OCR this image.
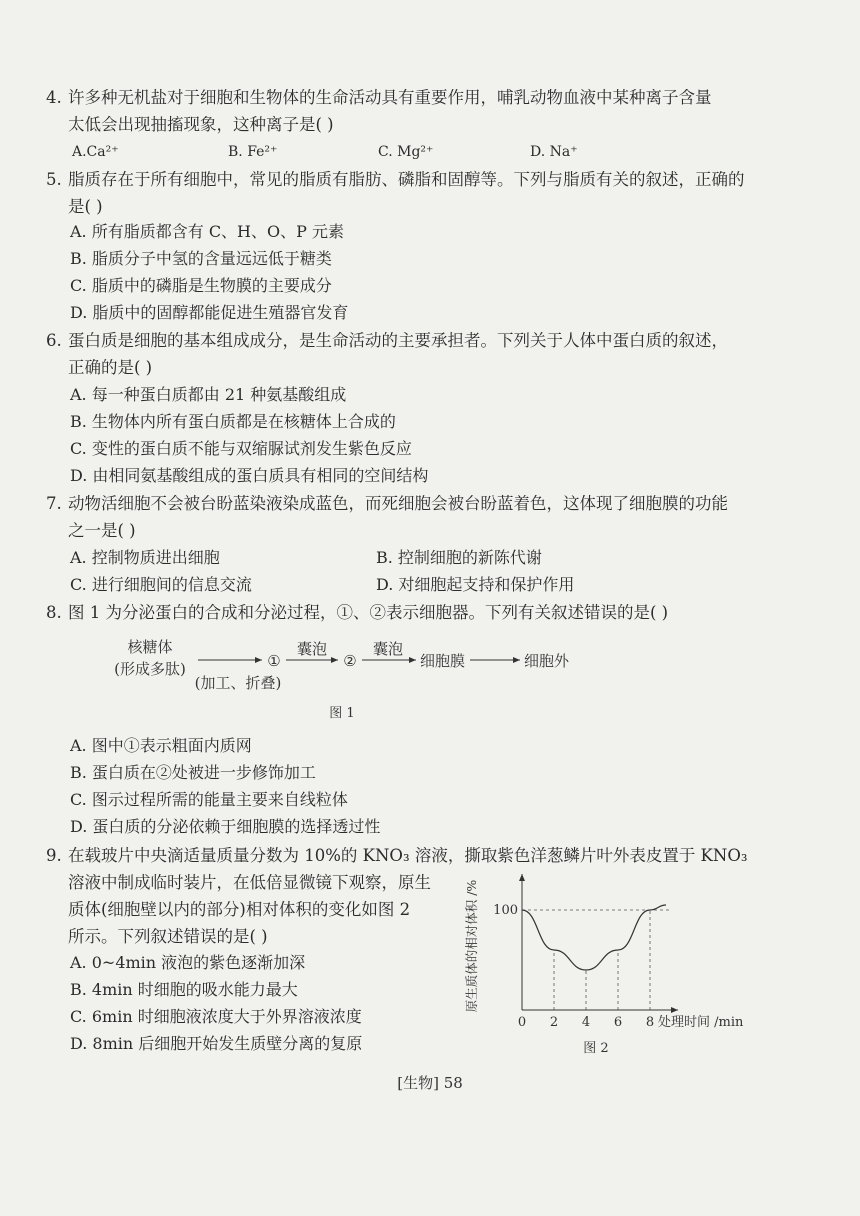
4. 许多种无机盐对于细胞和生物体的生命活动具有重要作用，哺乳动物血液中某种离子含量
太低会出现抽搐现象，这种离子是( )
A.Ca²⁺	B. Fe²⁺	C. Mg²⁺	D. Na⁺
5. 脂质存在于所有细胞中，常见的脂质有脂肪、磷脂和固醇等。下列与脂质有关的叙述，正确的
是( )
A. 所有脂质都含有 C、H、O、P 元素
B. 脂质分子中氢的含量远远低于糖类
C. 脂质中的磷脂是生物膜的主要成分
D. 脂质中的固醇都能促进生殖器官发育
6. 蛋白质是细胞的基本组成成分，是生命活动的主要承担者。下列关于人体中蛋白质的叙述，
正确的是( )
A. 每一种蛋白质都由 21 种氨基酸组成
B. 生物体内所有蛋白质都是在核糖体上合成的
C. 变性的蛋白质不能与双缩脲试剂发生紫色反应
D. 由相同氨基酸组成的蛋白质具有相同的空间结构
7. 动物活细胞不会被台盼蓝染液染成蓝色，而死细胞会被台盼蓝着色，这体现了细胞膜的功能
之一是( )
A. 控制物质进出细胞	B. 控制细胞的新陈代谢
C. 进行细胞间的信息交流	D. 对细胞起支持和保护作用
8. 图 1 为分泌蛋白的合成和分泌过程，①、②表示细胞器。下列有关叙述错误的是( )
核糖体
(形成多肽)	①
(加工、折叠)
囊泡
②
囊泡
细胞膜	细胞外
图 1
A. 图中①表示粗面内质网
B. 蛋白质在②处被进一步修饰加工
C. 图示过程所需的能量主要来自线粒体
D. 蛋白质的分泌依赖于细胞膜的选择透过性
9. 在载玻片中央滴适量质量分数为 10%的 KNO₃ 溶液，撕取紫色洋葱鳞片叶外表皮置于 KNO₃
溶液中制成临时装片，在低倍显微镜下观察，原生
质体(细胞壁以内的部分)相对体积的变化如图 2
所示。下列叙述错误的是( )
A. 0~4min 液泡的紫色逐渐加深
B. 4min 时细胞的吸水能力最大
C. 6min 时细胞液浓度大于外界溶液浓度
D. 8min 后细胞开始发生质壁分离的复原
0 2 4 6 8
100
原生质体的相对体积 /%
处理时间 /min
图 2
[生物] 58
